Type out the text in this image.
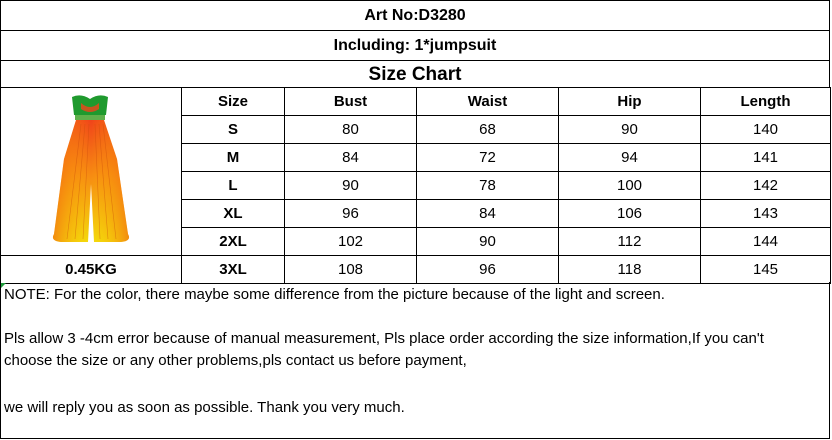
Art No:D3280
Including: 1*jumpsuit
Size Chart
	Size	Bust	Waist	Hip	Length
	S	80	68	90	140
	M	84	72	94	141
	L	90	78	100	142
	XL	96	84	106	143
	2XL	102	90	112	144
0.45KG	3XL	108	96	118	145

NOTE: For the color, there maybe some difference from the picture because of the light and screen.

Pls allow 3 -4cm error because of manual measurement, Pls place order according the size information,If you can't

choose the size or any other problems,pls contact us before payment,

we will reply you as soon as possible. Thank you very much.
